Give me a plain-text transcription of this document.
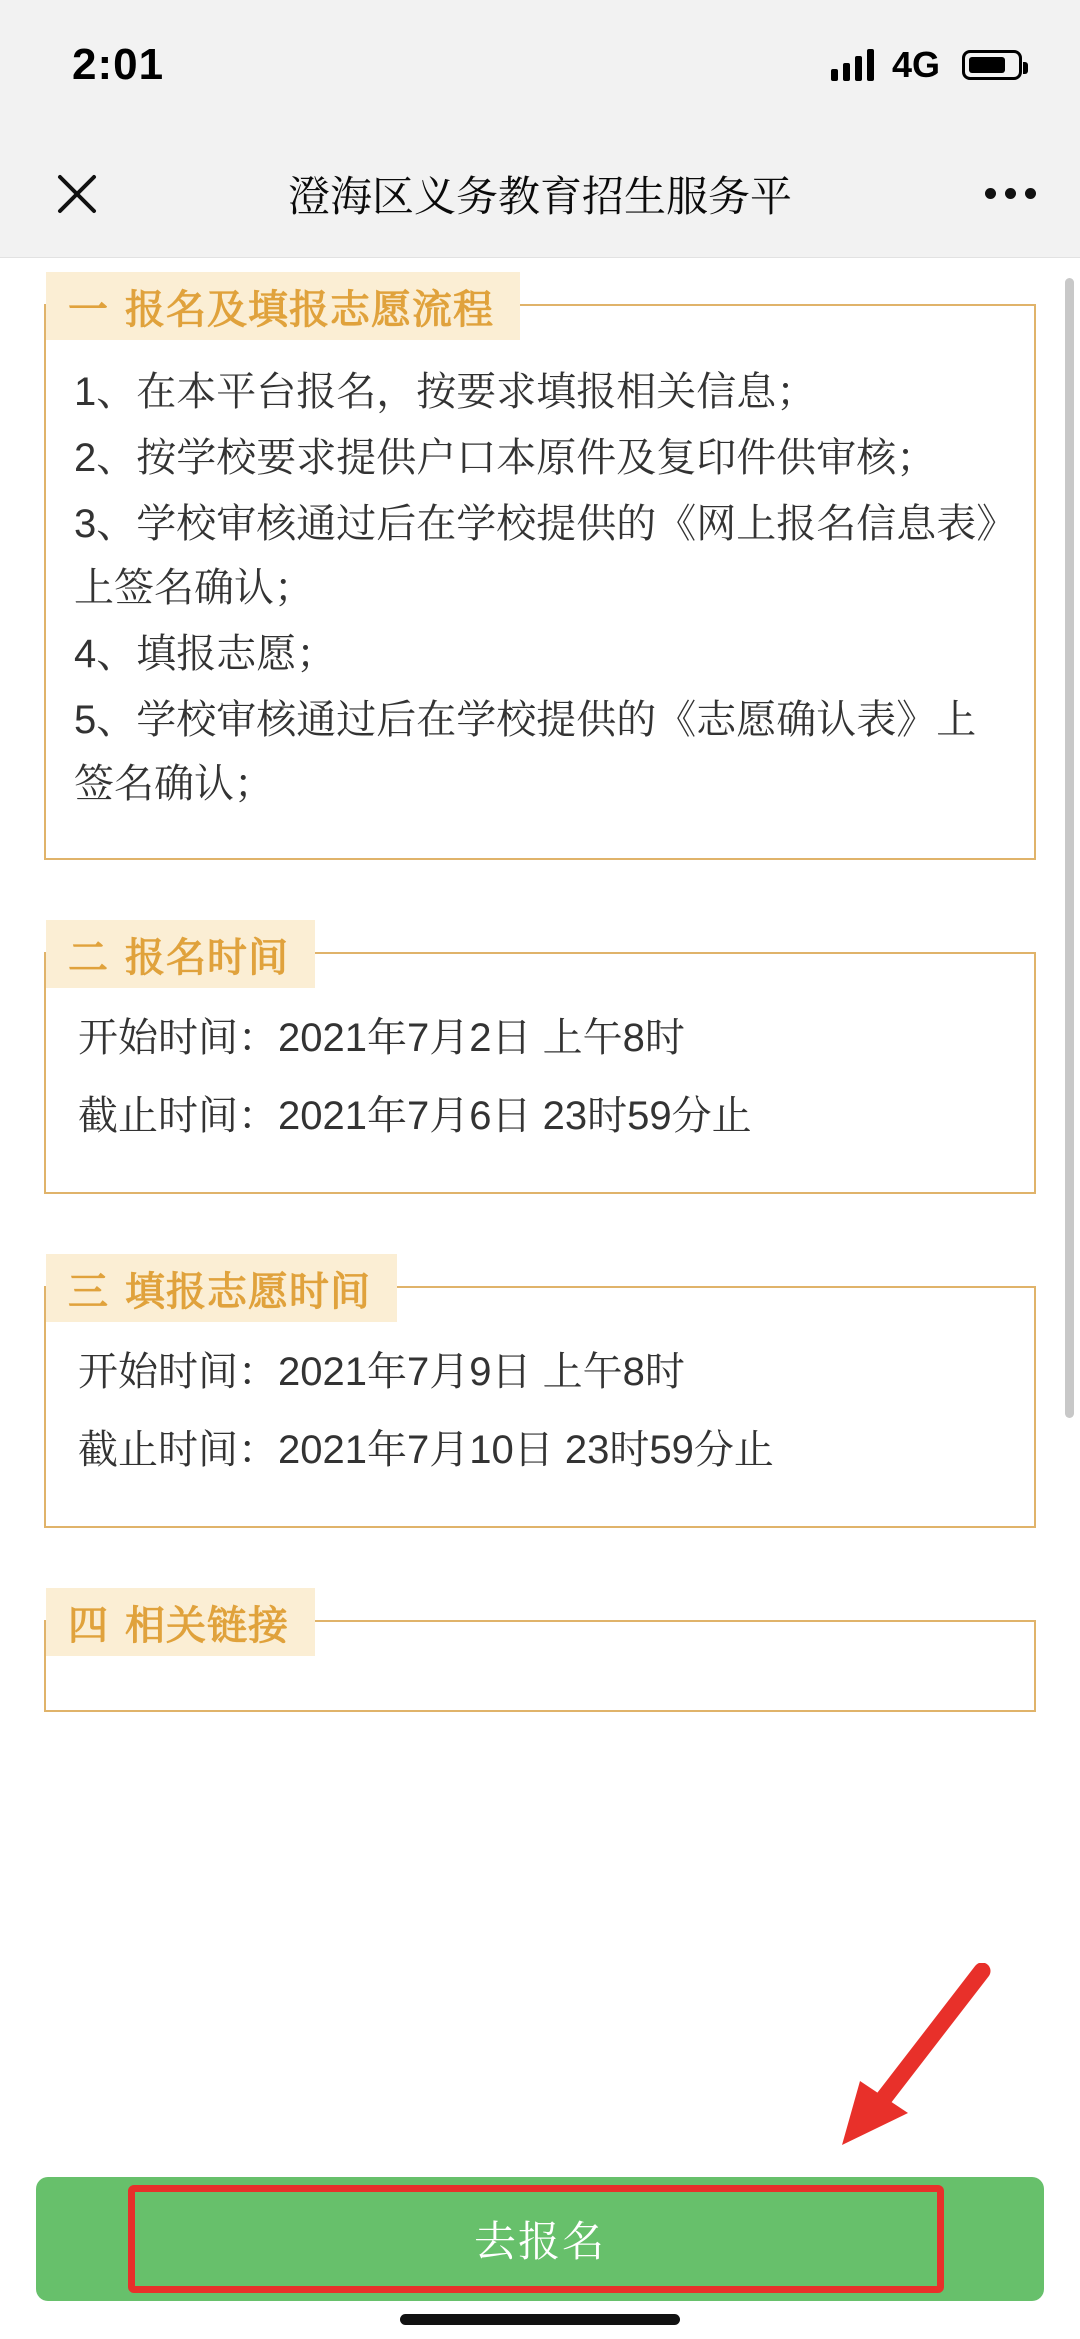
2:01	4G
澄海区义务教育招生服务平
一 报名及填报志愿流程

1、在本平台报名，按要求填报相关信息；

2、按学校要求提供户口本原件及复印件供审核；

3、学校审核通过后在学校提供的《网上报名信息表》上签名确认；

4、填报志愿；

5、学校审核通过后在学校提供的《志愿确认表》上签名确认；

二 报名时间

开始时间：2021年7月2日 上午8时

截止时间：2021年7月6日 23时59分止

三 填报志愿时间

开始时间：2021年7月9日 上午8时

截止时间：2021年7月10日 23时59分止

四 相关链接
去报名
